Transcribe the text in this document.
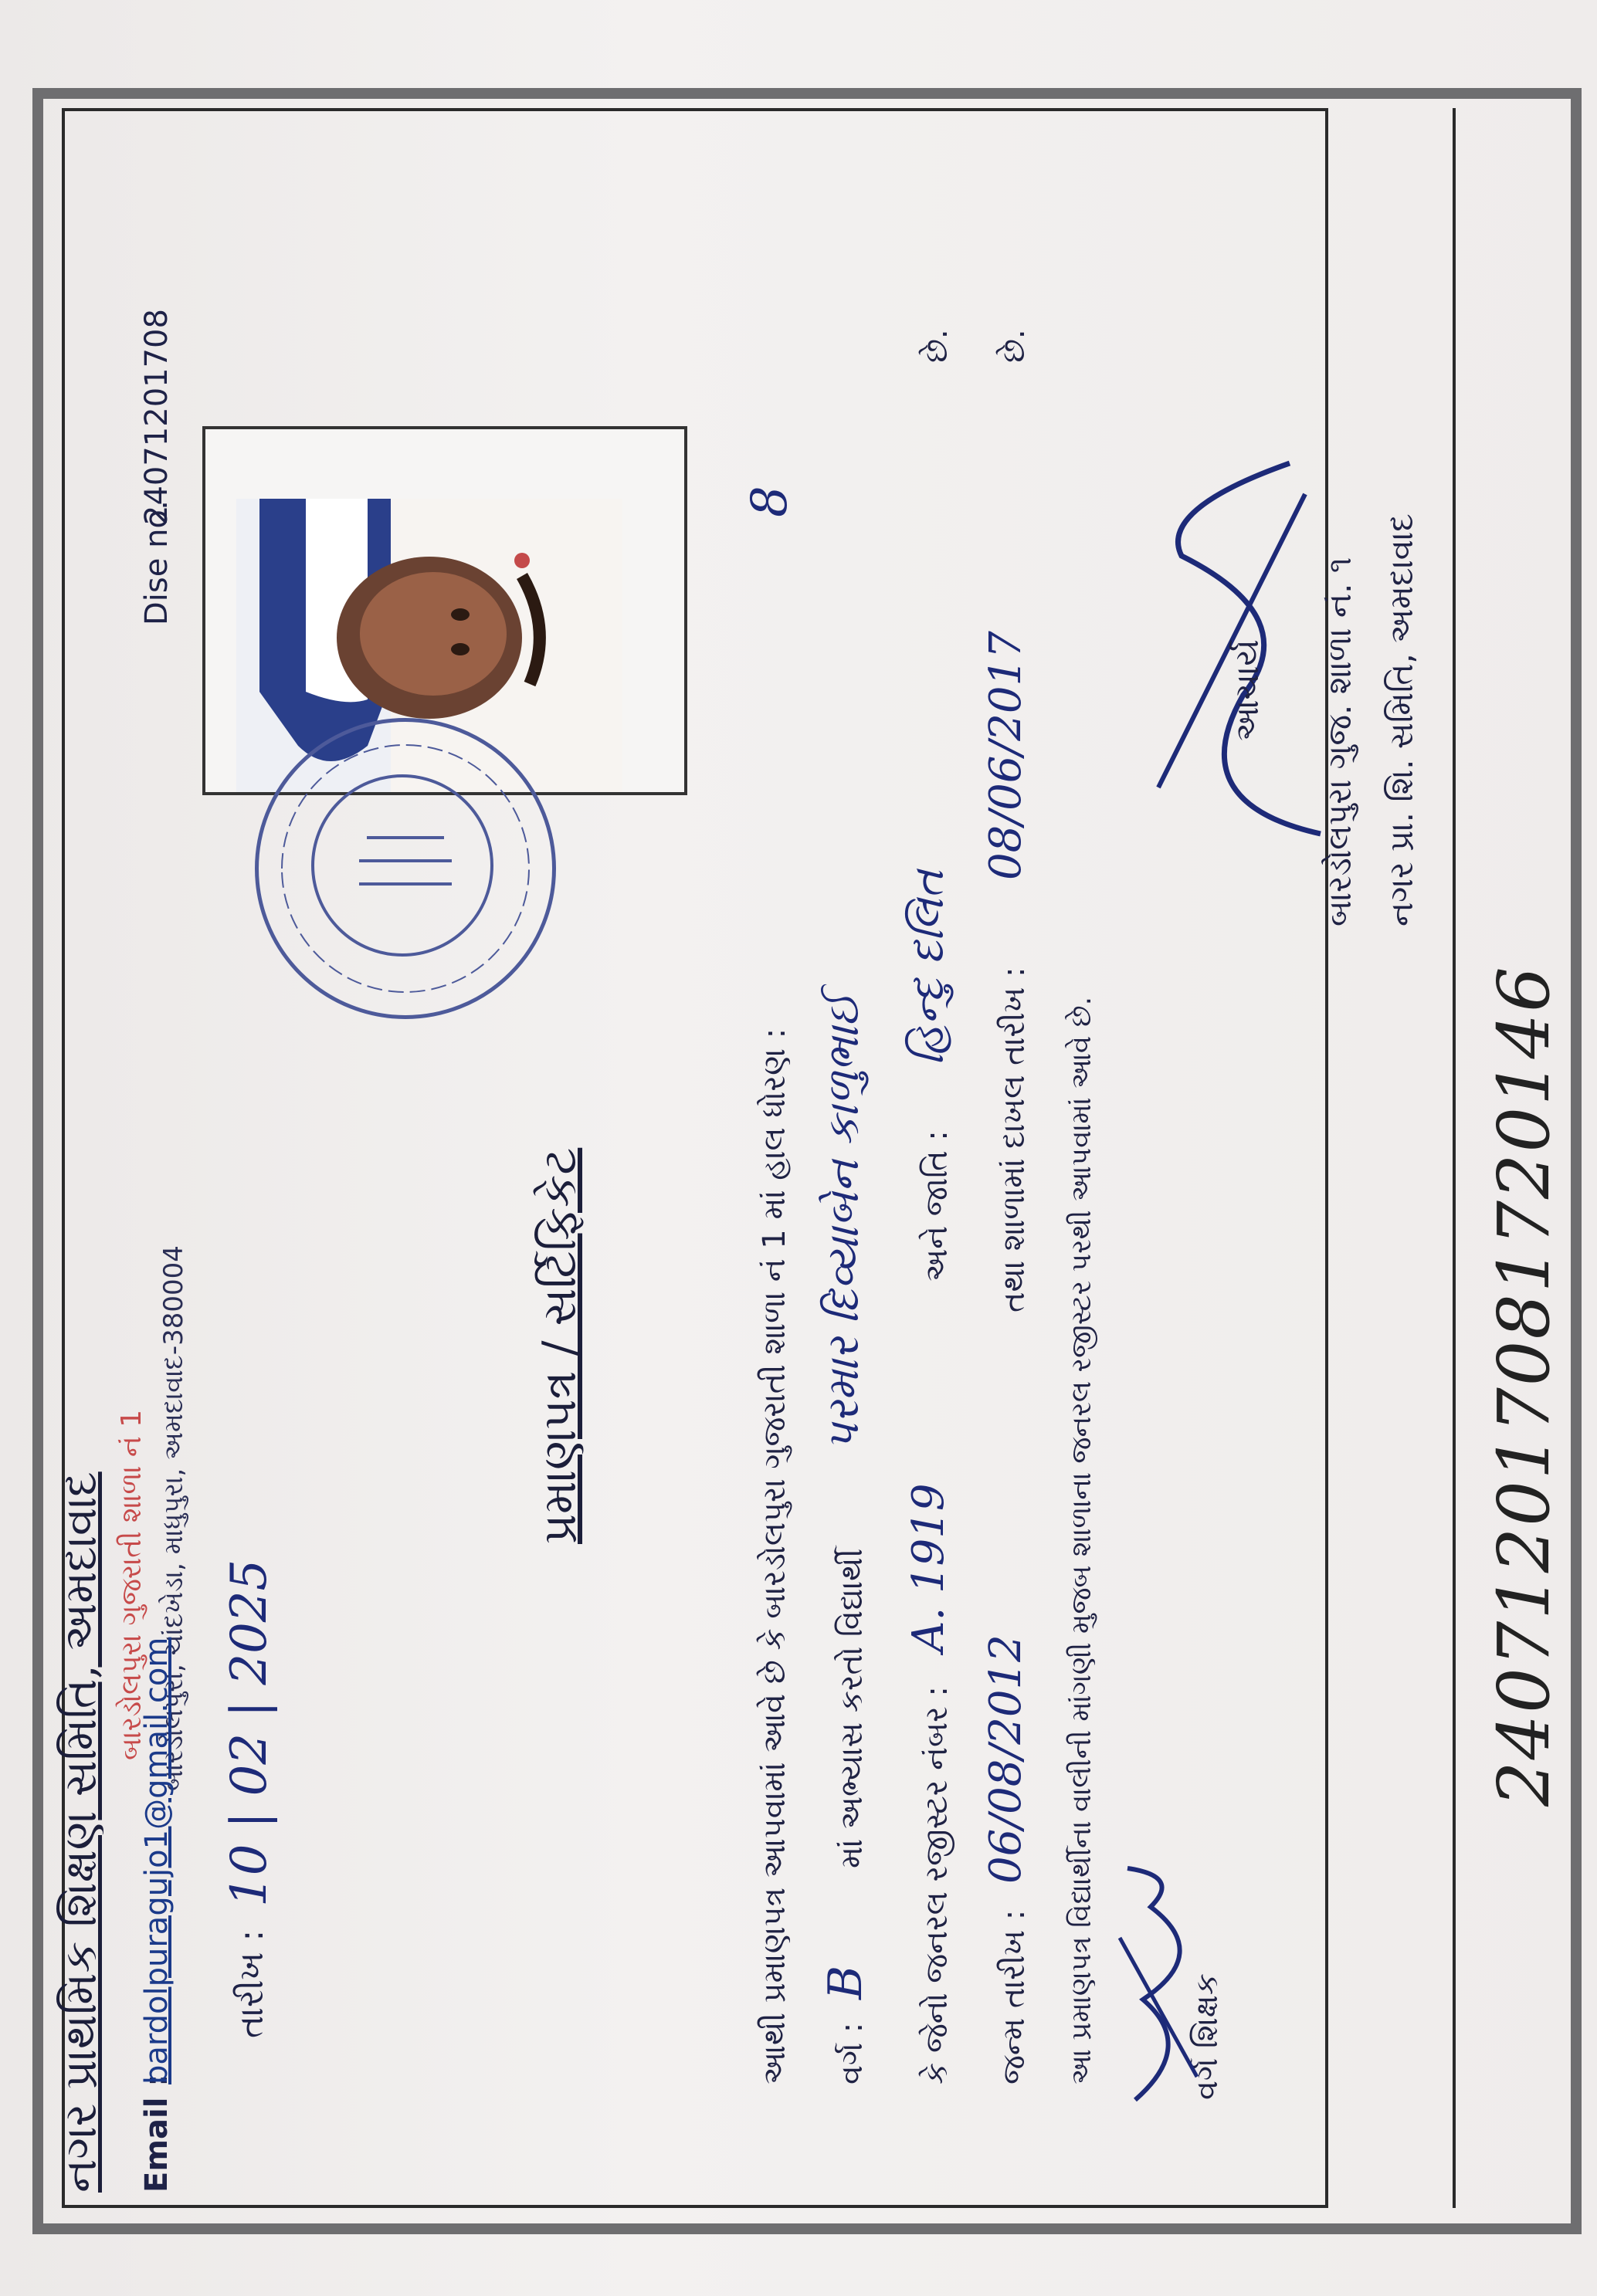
નગર પ્રાથમિક શિક્ષણ સમિતિ, અમદાવાદ બારડોલપુરા ગુજરાતી શાળા નં 1 બારડોલપુરા, ચાંદખેડા, માધુપુરા, અમદાવાદ-380004
Email :
bardolpuragujo1@gmail.com
Dise no.
24071201708
તારીખ :
10 | 02 | 2025
પ્રમાણપત્ર / સર્ટિફિકેટ	આથી પ્રમાણપત્ર આપવામાં આવે છે કે બારડોલપુરા ગુજરાતી શાળા નં 1 માં હાલ ધોરણ :
8
વર્ગ :
B
માં અભ્યાસ કરતો વિદ્યાર્થી
પરમાર દિવ્યાબેન કાળુભાઈ
કે જેનો જનરલ રજીસ્ટર નંબર :
A. 1919
અને જાતિ :
હિન્દુ દલિત
છે.
જન્મ તારીખ :
06/08/2012
તથા શાળામાં દાખલ તારીખ :
08/06/2017
છે.
આ પ્રમાણપત્ર વિદ્યાર્થીના વાલીની માંગણી મુજબ શાળાના જનરલ રજીસ્ટર પરથી આપવામાં આવે છે.	વર્ગ શિક્ષક
આચાર્ય બારડોલપુરા ગુજ. શાળા નં. ૧ નગર પ્રા. શિ. સમિતિ, અમદાવાદ
240712017081720146
